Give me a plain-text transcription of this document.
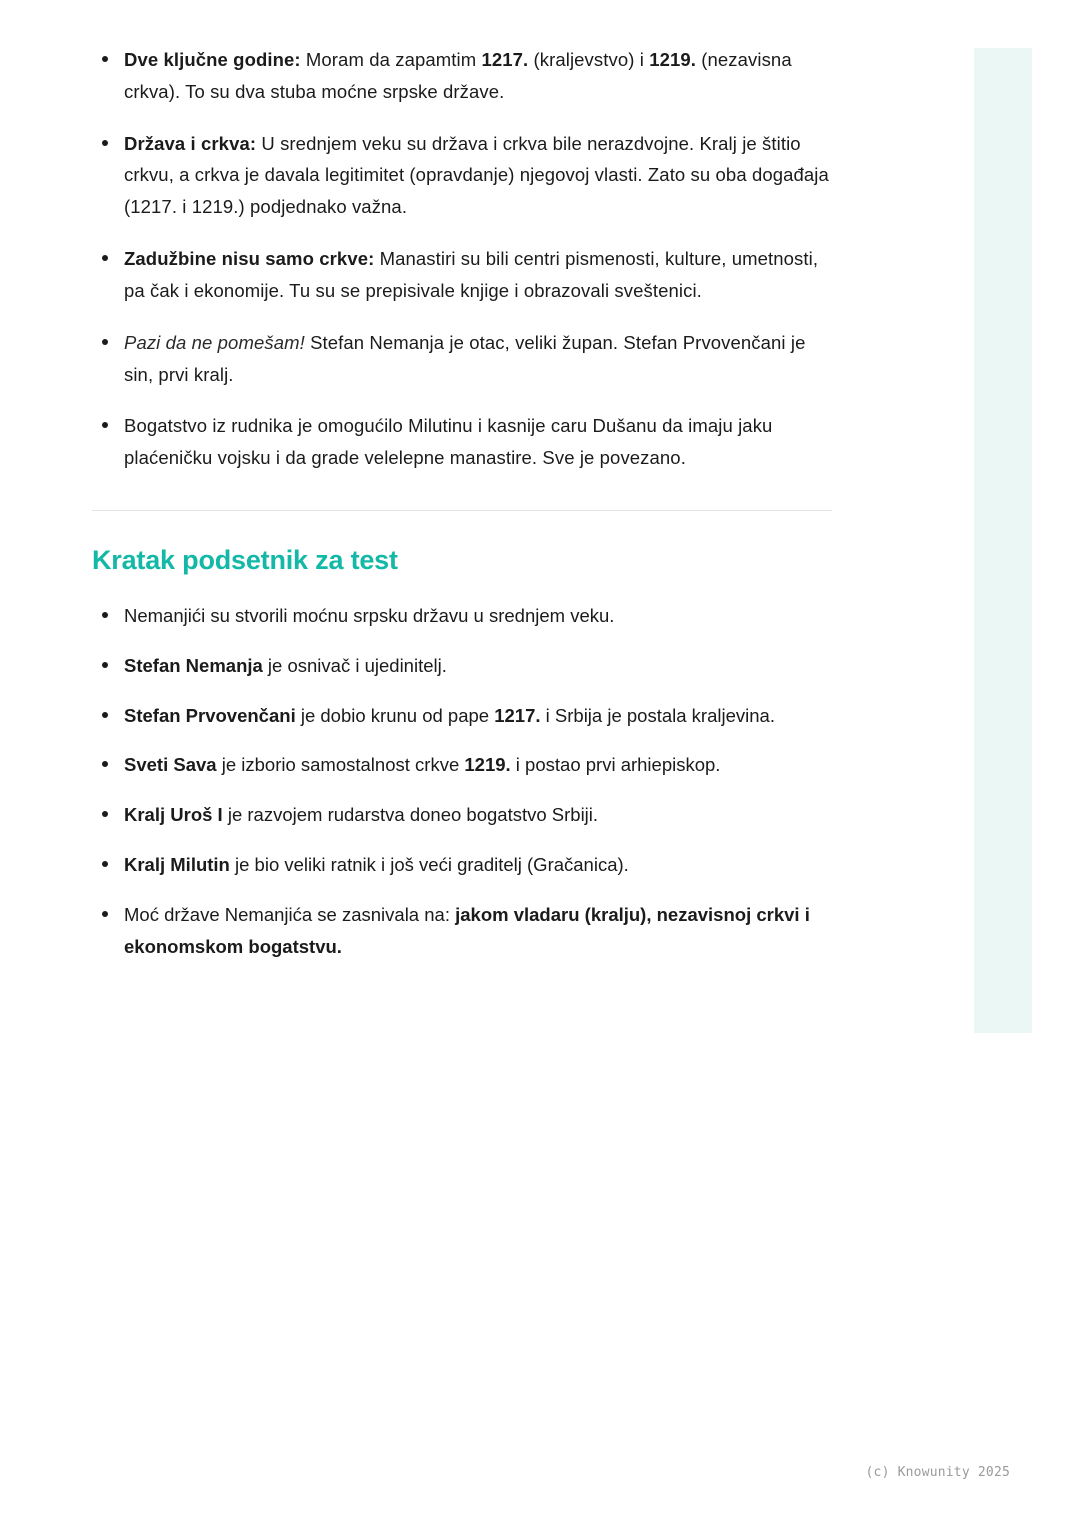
Dve ključne godine: Moram da zapamtim 1217. (kraljevstvo) i 1219. (nezavisna crkva). To su dva stuba moćne srpske države.
Država i crkva: U srednjem veku su država i crkva bile nerazdvojne. Kralj je štitio crkvu, a crkva je davala legitimitet (opravdanje) njegovoj vlasti. Zato su oba događaja (1217. i 1219.) podjednako važna.
Zadužbine nisu samo crkve: Manastiri su bili centri pismenosti, kulture, umetnosti, pa čak i ekonomije. Tu su se prepisivale knjige i obrazovali sveštenici.
Pazi da ne pomešam! Stefan Nemanja je otac, veliki župan. Stefan Prvovenčani je sin, prvi kralj.
Bogatstvo iz rudnika je omogućilo Milutinu i kasnije caru Dušanu da imaju jaku plaćeničku vojsku i da grade velelepne manastire. Sve je povezano.
Kratak podsetnik za test
Nemanjići su stvorili moćnu srpsku državu u srednjem veku.
Stefan Nemanja je osnivač i ujedinitelj.
Stefan Prvovenčani je dobio krunu od pape 1217. i Srbija je postala kraljevina.
Sveti Sava je izborio samostalnost crkve 1219. i postao prvi arhiepiskop.
Kralj Uroš I je razvojem rudarstva doneo bogatstvo Srbiji.
Kralj Milutin je bio veliki ratnik i još veći graditelj (Gračanica).
Moć države Nemanjića se zasnivala na: jakom vladaru (kralju), nezavisnoj crkvi i ekonomskom bogatstvu.
(c) Knowunity 2025
